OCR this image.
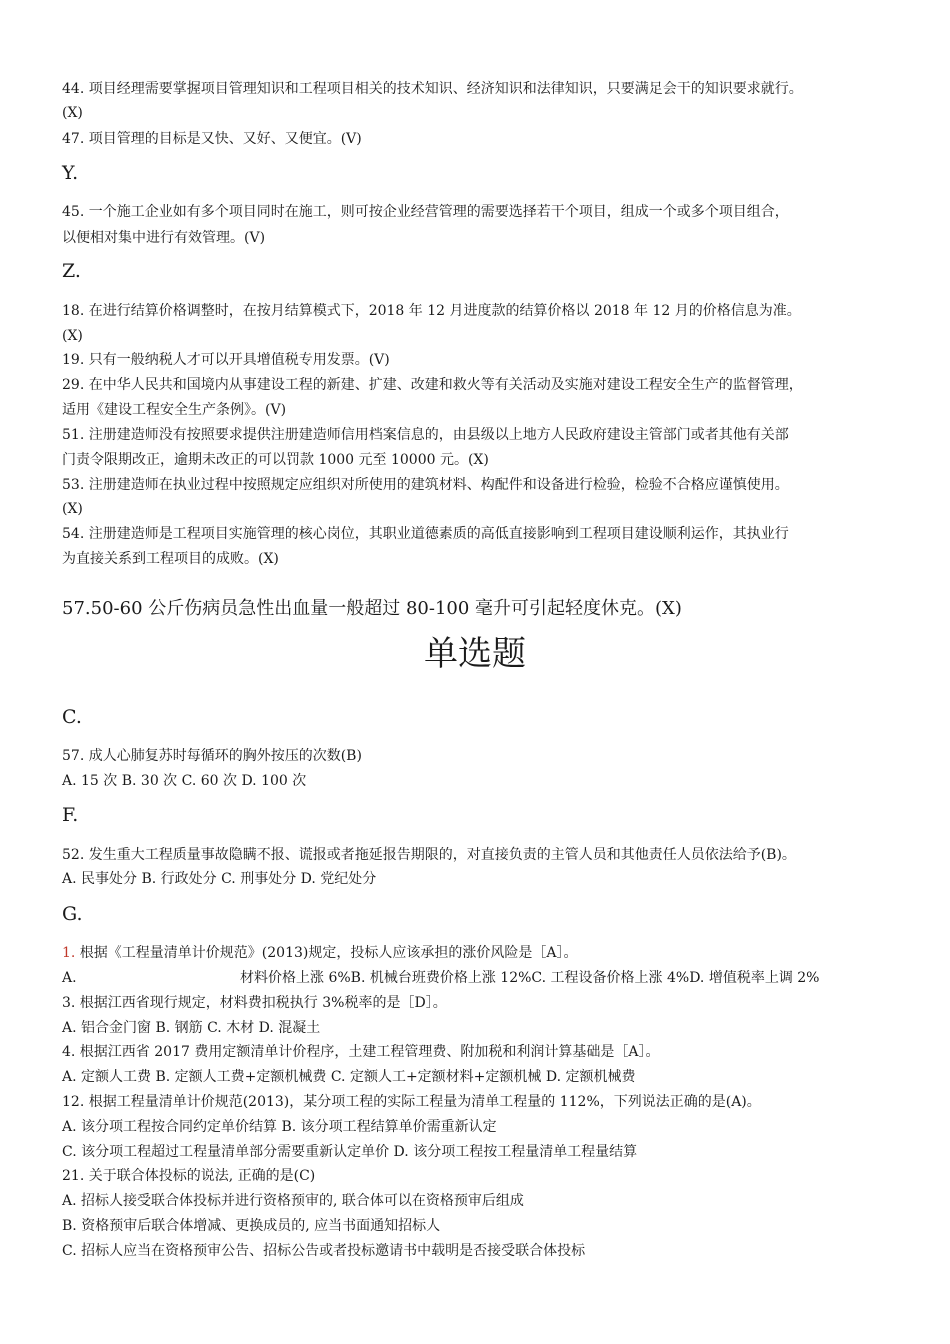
44. 项目经理需要掌握项目管理知识和工程项目相关的技术知识、经济知识和法律知识，只要满足会干的知识要求就行。
(X)
47. 项目管理的目标是又快、又好、又便宜。(V)
Y.
45. 一个施工企业如有多个项目同时在施工，则可按企业经营管理的需要选择若干个项目，组成一个或多个项目组合，
以便相对集中进行有效管理。(V)
Z.
18. 在进行结算价格调整时，在按月结算模式下，2018 年 12 月进度款的结算价格以 2018 年 12 月的价格信息为准。
(X)
19. 只有一般纳税人才可以开具增值税专用发票。(V)
29. 在中华人民共和国境内从事建设工程的新建、扩建、改建和救火等有关活动及实施对建设工程安全生产的监督管理，
适用《建设工程安全生产条例》。(V)
51. 注册建造师没有按照要求提供注册建造师信用档案信息的，由县级以上地方人民政府建设主管部门或者其他有关部
门责令限期改正，逾期未改正的可以罚款 1000 元至 10000 元。(X)
53. 注册建造师在执业过程中按照规定应组织对所使用的建筑材料、构配件和设备进行检验，检验不合格应谨慎使用。
(X)
54. 注册建造师是工程项目实施管理的核心岗位，其职业道德素质的高低直接影响到工程项目建设顺利运作，其执业行
为直接关系到工程项目的成败。(X)
57.50-60 公斤伤病员急性出血量一般超过 80-100 毫升可引起轻度休克。(X)
单选题
C.
57. 成人心肺复苏时每循环的胸外按压的次数(B)
A. 15 次 B. 30 次 C. 60 次 D. 100 次
F.
52. 发生重大工程质量事故隐瞒不报、谎报或者拖延报告期限的，对直接负责的主管人员和其他责任人员依法给予(B)。
A. 民事处分 B. 行政处分 C. 刑事处分 D. 党纪处分
G.
1. 根据《工程量清单计价规范》(2013)规定，投标人应该承担的涨价风险是［A］。
A.	材料价格上涨 6%B. 机械台班费价格上涨 12%C. 工程设备价格上涨 4%D. 增值税率上调 2%
3. 根据江西省现行规定，材料费扣税执行 3%税率的是［D］。
A. 铝合金门窗 B. 钢筋 C. 木材 D. 混凝土
4. 根据江西省 2017 费用定额清单计价程序，土建工程管理费、附加税和利润计算基础是［A］。
A. 定额人工费 B. 定额人工费+定额机械费 C. 定额人工+定额材料+定额机械 D. 定额机械费
12. 根据工程量清单计价规范(2013)，某分项工程的实际工程量为清单工程量的 112%，下列说法正确的是(A)。
A. 该分项工程按合同约定单价结算 B. 该分项工程结算单价需重新认定
C. 该分项工程超过工程量清单部分需要重新认定单价 D. 该分项工程按工程量清单工程量结算
21. 关于联合体投标的说法, 正确的是(C)
A. 招标人接受联合体投标并进行资格预审的, 联合体可以在资格预审后组成
B. 资格预审后联合体增减、更换成员的, 应当书面通知招标人
C. 招标人应当在资格预审公告、招标公告或者投标邀请书中载明是否接受联合体投标
